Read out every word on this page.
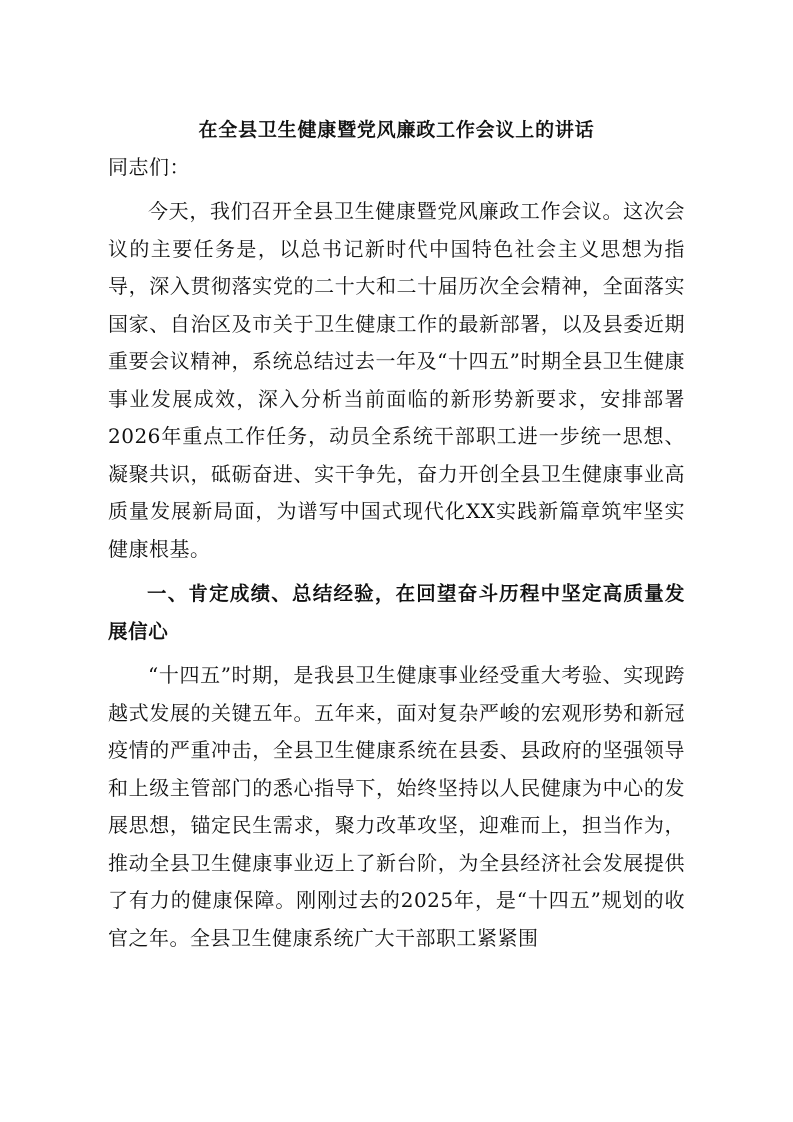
在全县卫生健康暨党风廉政工作会议上的讲话

同志们：

今天，我们召开全县卫生健康暨党风廉政工作会议。这次会议的主要任务是，以总书记新时代中国特色社会主义思想为指导，深入贯彻落实党的二十大和二十届历次全会精神，全面落实国家、自治区及市关于卫生健康工作的最新部署，以及县委近期重要会议精神，系统总结过去一年及“十四五”时期全县卫生健康事业发展成效，深入分析当前面临的新形势新要求，安排部署2026年重点工作任务，动员全系统干部职工进一步统一思想、凝聚共识，砥砺奋进、实干争先，奋力开创全县卫生健康事业高质量发展新局面，为谱写中国式现代化XX实践新篇章筑牢坚实健康根基。

一、肯定成绩、总结经验，在回望奋斗历程中坚定高质量发展信心

“十四五”时期，是我县卫生健康事业经受重大考验、实现跨越式发展的关键五年。五年来，面对复杂严峻的宏观形势和新冠疫情的严重冲击，全县卫生健康系统在县委、县政府的坚强领导和上级主管部门的悉心指导下，始终坚持以人民健康为中心的发展思想，锚定民生需求，聚力改革攻坚，迎难而上，担当作为，推动全县卫生健康事业迈上了新台阶，为全县经济社会发展提供了有力的健康保障。刚刚过去的2025年，是“十四五”规划的收官之年。全县卫生健康系统广大干部职工紧紧围
